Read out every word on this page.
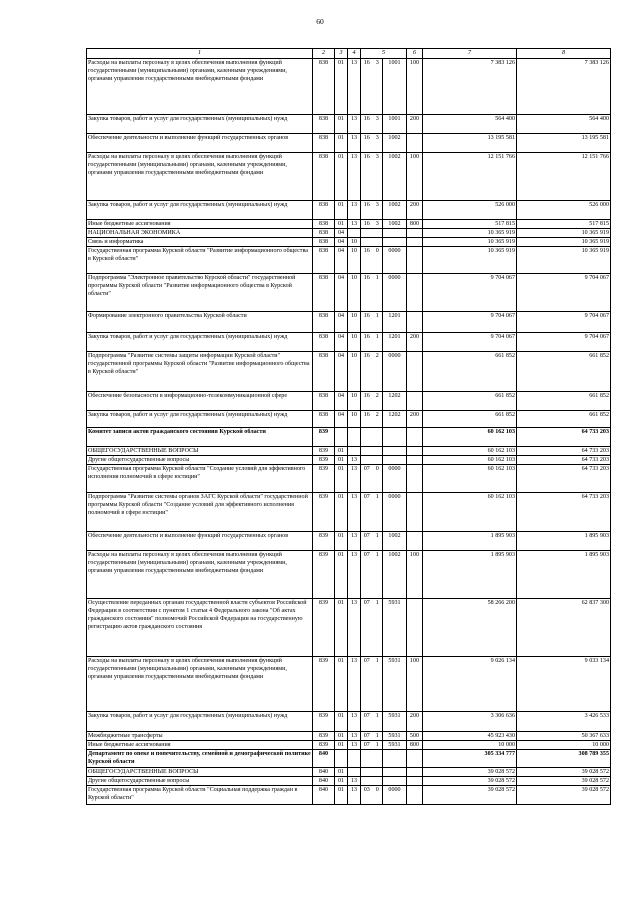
60
1	2	3	4	5			6	7	8
Расходы на выплаты персоналу в целях обеспечения выполнения функций государственными (муниципальными) органами, казенными учреждениями, органами управления государственными внебюджетными фондами	838	01	13	16	3	1001	100	7 383 126	7 383 126
Закупка товаров, работ и услуг для государственных (муниципальных) нужд	838	01	13	16	3	1001	200	564 400	564 400
Обеспечение деятельности и выполнение функций государственных органов	838	01	13	16	3	1002		13 195 581	13 195 581
Расходы на выплаты персоналу в целях обеспечения выполнения функций государственными (муниципальными) органами, казенными учреждениями, органами управления государственными внебюджетными фондами	838	01	13	16	3	1002	100	12 151 766	12 151 766
Закупка товаров, работ и услуг для государственных (муниципальных) нужд	838	01	13	16	3	1002	200	526 000	526 000
Иные бюджетные ассигнования	838	01	13	16	3	1002	800	517 815	517 815
НАЦИОНАЛЬНАЯ ЭКОНОМИКА	838	04						10 365 919	10 365 919
Связь и информатика	838	04	10					10 365 919	10 365 919
Государственная программа Курской области "Развитие информационного общества в Курской области"	838	04	10	16	0	0000		10 365 919	10 365 919
Подпрограмма "Электронное правительство Курской области" государственной программы Курской области "Развитие информационного общества в Курской области"	838	04	10	16	1	0000		9 704 067	9 704 067
Формирование электронного правительства Курской области	838	04	10	16	1	1201		9 704 067	9 704 067
Закупка товаров, работ и услуг для государственных (муниципальных) нужд	838	04	10	16	1	1201	200	9 704 067	9 704 067
Подпрограмма "Развитие системы защиты информации Курской области" государственной программы Курской области "Развитие информационного общества в Курской области"	838	04	10	16	2	0000		661 852	661 852
Обеспечение безопасности в информационно-телекоммуникационной сфере	838	04	10	16	2	1202		661 852	661 852
Закупка товаров, работ и услуг для государственных (муниципальных) нужд	838	04	10	16	2	1202	200	661 852	661 852
Комитет записи актов гражданского состояния Курской области	839							60 162 103	64 733 203
ОБЩЕГОСУДАРСТВЕННЫЕ ВОПРОСЫ	839	01						60 162 103	64 733 203
Другие общегосударственные вопросы	839	01	13					60 162 103	64 733 203
Государственная программа Курской области "Создание условий для эффективного исполнения полномочий в сфере юстиции"	839	01	13	07	0	0000		60 162 103	64 733 203
Подпрограмма "Развитие системы органов ЗАГС Курской области" государственной программы Курской области "Создание условий для эффективного исполнения полномочий в сфере юстиции"	839	01	13	07	1	0000		60 162 103	64 733 203
Обеспечение деятельности и выполнение функций государственных органов	839	01	13	07	1	1002		1 895 903	1 895 903
Расходы на выплаты персоналу в целях обеспечения выполнения функций государственными (муниципальными) органами, казенными учреждениями, органами управления государственными внебюджетными фондами	839	01	13	07	1	1002	100	1 895 903	1 895 903
Осуществление переданных органам государственной власти субъектов Российской Федерации в соответствии с пунктом 1 статьи 4 Федерального закона "Об актах гражданского состояния" полномочий Российской Федерации на государственную регистрацию актов гражданского состояния	839	01	13	07	1	5931		58 266 200	62 837 300
Расходы на выплаты персоналу в целях обеспечения выполнения функций государственными (муниципальными) органами, казенными учреждениями, органами управления государственными внебюджетными фондами	839	01	13	07	1	5931	100	9 026 134	9 033 134
Закупка товаров, работ и услуг для государственных (муниципальных) нужд	839	01	13	07	1	5931	200	3 306 636	3 426 533
Межбюджетные трансферты	839	01	13	07	1	5931	500	45 923 430	50 367 633
Иные бюджетные ассигнования	839	01	13	07	1	5931	800	10 000	10 000
Департамент по опеке и попечительству, семейной и демографической политике Курской области	840							305 334 777	308 789 355
ОБЩЕГОСУДАРСТВЕННЫЕ ВОПРОСЫ	840	01						39 028 572	39 028 572
Другие общегосударственные вопросы	840	01	13					39 028 572	39 028 572
Государственная программа Курской области "Социальная поддержка граждан в Курской области"	840	01	13	03	0	0000		39 028 572	39 028 572
